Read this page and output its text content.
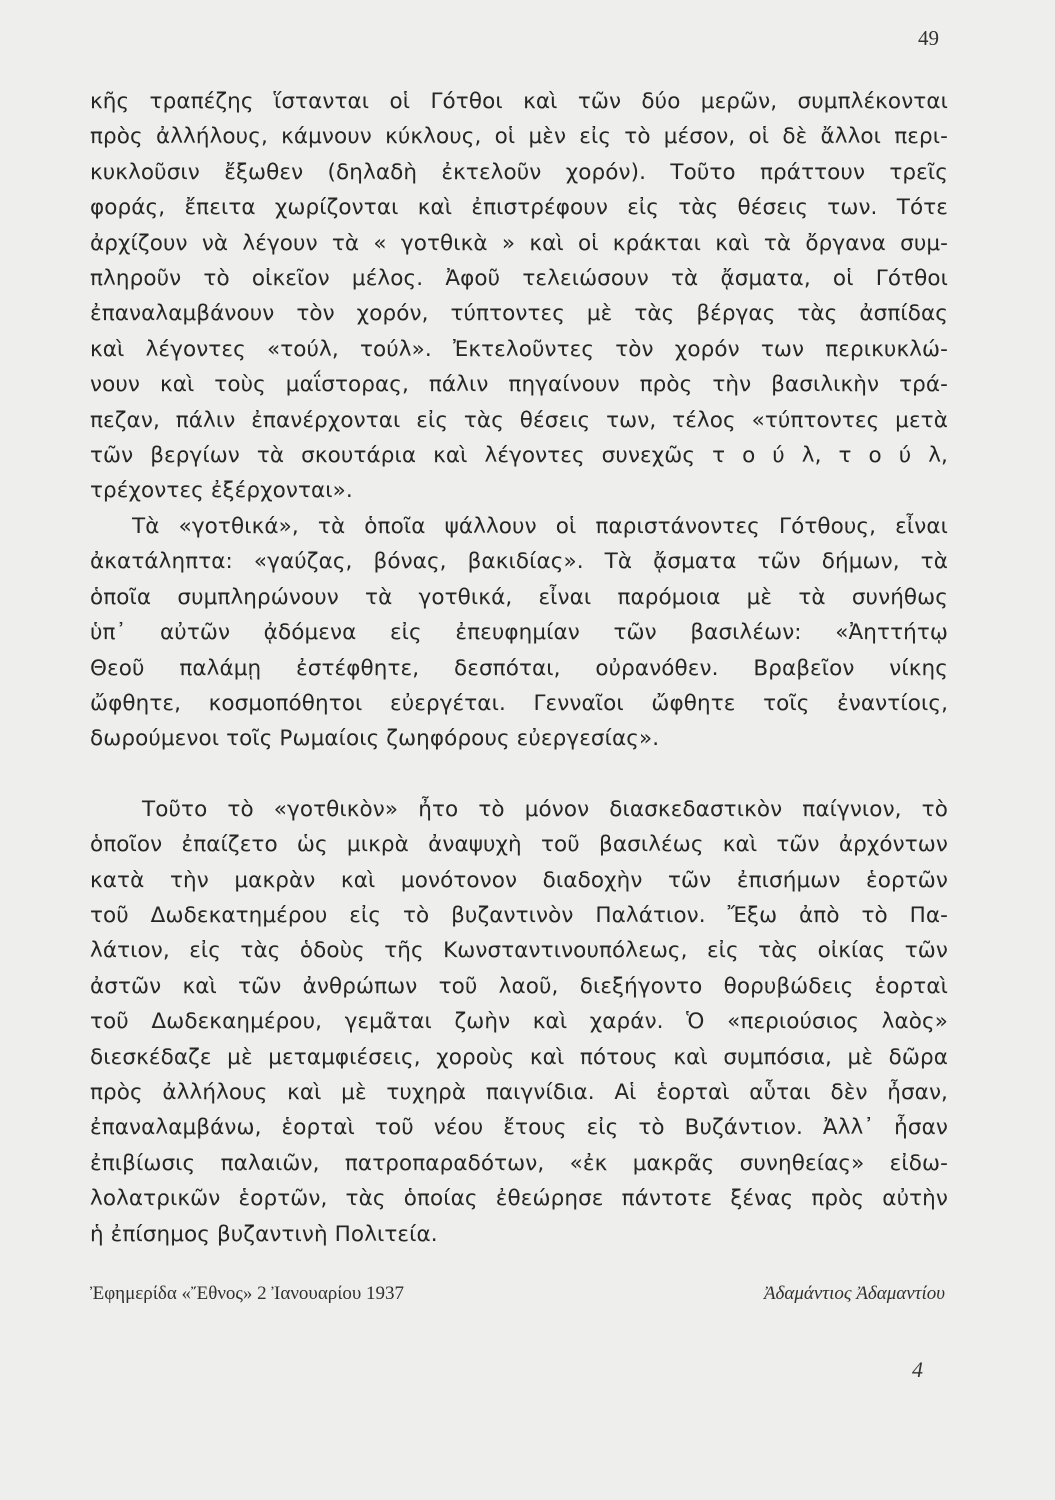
49
κῆς τραπέζης ἵστανται οἱ Γότθοι καὶ τῶν δύο μερῶν, συμπλέκονται
πρὸς ἀλλήλους, κάμνουν κύκλους, οἱ μὲν εἰς τὸ μέσον, οἱ δὲ ἄλλοι περι-
κυκλοῦσιν ἔξωθεν (δηλαδὴ ἐκτελοῦν χορόν). Τοῦτο πράττουν τρεῖς
φοράς, ἔπειτα χωρίζονται καὶ ἐπιστρέφουν εἰς τὰς θέσεις των. Τότε
ἀρχίζουν νὰ λέγουν τὰ « γοτθικὰ » καὶ οἱ κράκται καὶ τὰ ὄργανα συμ-
πληροῦν τὸ οἰκεῖον μέλος. Ἀφοῦ τελειώσουν τὰ ᾄσματα, οἱ Γότθοι
ἐπαναλαμβάνουν τὸν χορόν, τύπτοντες μὲ τὰς βέργας τὰς ἀσπίδας
καὶ λέγοντες «τούλ, τούλ». Ἐκτελοῦντες τὸν χορόν των περικυκλώ-
νουν καὶ τοὺς μαΐστορας, πάλιν πηγαίνουν πρὸς τὴν βασιλικὴν τρά-
πεζαν, πάλιν ἐπανέρχονται εἰς τὰς θέσεις των, τέλος «τύπτοντες μετὰ
τῶν βεργίων τὰ σκουτάρια καὶ λέγοντες συνεχῶς τ ο ύ λ, τ ο ύ λ,
τρέχοντες ἐξέρχονται».
Τὰ «γοτθικά», τὰ ὁποῖα ψάλλουν οἱ παριστάνοντες Γότθους, εἶναι
ἀκατάληπτα: «γαύζας, βόνας, βακιδίας». Τὰ ᾄσματα τῶν δήμων, τὰ
ὁποῖα συμπληρώνουν τὰ γοτθικά, εἶναι παρόμοια μὲ τὰ συνήθως
ὑπ᾿ αὐτῶν ᾀδόμενα εἰς ἐπευφημίαν τῶν βασιλέων: «Ἀηττήτῳ
Θεοῦ παλάμῃ ἐστέφθητε, δεσπόται, οὐρανόθεν. Βραβεῖον νίκης
ὤφθητε, κοσμοπόθητοι εὐεργέται. Γενναῖοι ὤφθητε τοῖς ἐναντίοις,
δωρούμενοι τοῖς Ρωμαίοις ζωηφόρους εὐεργεσίας».
Τοῦτο τὸ «γοτθικὸν» ἦτο τὸ μόνον διασκεδαστικὸν παίγνιον, τὸ
ὁποῖον ἐπαίζετο ὡς μικρὰ ἀναψυχὴ τοῦ βασιλέως καὶ τῶν ἀρχόντων
κατὰ τὴν μακρὰν καὶ μονότονον διαδοχὴν τῶν ἐπισήμων ἑορτῶν
τοῦ Δωδεκατημέρου εἰς τὸ βυζαντινὸν Παλάτιον. Ἔξω ἀπὸ τὸ Πα-
λάτιον, εἰς τὰς ὁδοὺς τῆς Κωνσταντινουπόλεως, εἰς τὰς οἰκίας τῶν
ἀστῶν καὶ τῶν ἀνθρώπων τοῦ λαοῦ, διεξήγοντο θορυβώδεις ἑορταὶ
τοῦ Δωδεκαημέρου, γεμᾶται ζωὴν καὶ χαράν. Ὁ «περιούσιος λαὸς»
διεσκέδαζε μὲ μεταμφιέσεις, χοροὺς καὶ πότους καὶ συμπόσια, μὲ δῶρα
πρὸς ἀλλήλους καὶ μὲ τυχηρὰ παιγνίδια. Αἱ ἑορταὶ αὗται δὲν ἦσαν,
ἐπαναλαμβάνω, ἑορταὶ τοῦ νέου ἔτους εἰς τὸ Βυζάντιον. Ἀλλ᾿ ἦσαν
ἐπιβίωσις παλαιῶν, πατροπαραδότων, «ἐκ μακρᾶς συνηθείας» εἰδω-
λολατρικῶν ἑορτῶν, τὰς ὁποίας ἐθεώρησε πάντοτε ξένας πρὸς αὐτὴν
ἡ ἐπίσημος βυζαντινὴ Πολιτεία.
Ἐφημερίδα «Ἔθνος» 2 Ἰανουαρίου 1937	Ἀδαμάντιος Ἀδαμαντίου
4
